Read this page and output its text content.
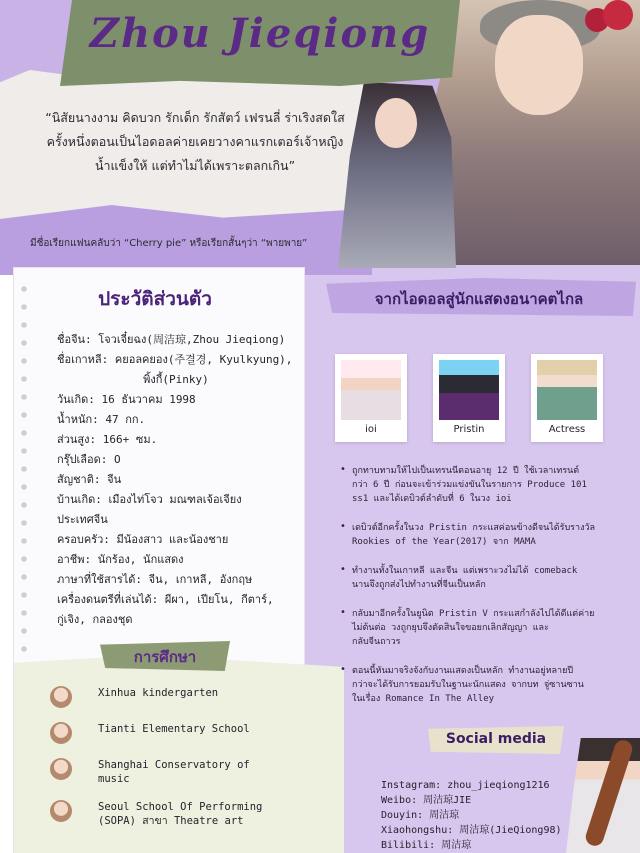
Zhou Jieqiong
“นิสัยนางงาม คิดบวก รักเด็ก รักสัตว์ เฟรนลี่ ร่าเริงสดใส
ครั้งหนึ่งตอนเป็นไอดอลค่ายเคยวางคาแรกเตอร์เจ้าหญิง
น้ำแข็งให้ แต่ทำไม่ได้เพราะตลกเกิน”
มีชื่อเรียกแฟนคลับว่า “Cherry pie” หรือเรียกสั้นๆว่า “พายพาย”
ประวัติส่วนตัว
ชื่อจีน: โจวเจี๋ยฉง(周洁琼,Zhou Jieqiong)
ชื่อเกาหลี: คยอลคยอง(주결경, Kyulkyung),
พิ้งกี้(Pinky)
วันเกิด: 16 ธันวาคม 1998
น้ำหนัก: 47 กก.
ส่วนสูง: 166+ ซม.
กรุ๊ปเลือด: O
สัญชาติ: จีน
บ้านเกิด: เมืองไท่โจว มณฑลเจ้อเจียง
ประเทศจีน
ครอบครัว: มีน้องสาว และน้องชาย
อาชีพ: นักร้อง, นักแสดง
ภาษาที่ใช้สารได้: จีน, เกาหลี, อังกฤษ
เครื่องดนตรีที่เล่นได้: ผีผา, เปียโน, กีตาร์,
กู่เจิง, กลองชุด
การศึกษา
Xinhua kindergarten
Tianti Elementary School
Shanghai Conservatory of
music
Seoul School Of Performing
(SOPA) สาขา Theatre art
จากไอดอลสู่นักแสดงอนาคตไกล
ioi	Pristin	Actress
• ถูกทาบทามให้ไปเป็นเทรนนีตอนอายุ 12 ปี ใช้เวลาเทรนต์
กว่า 6 ปี ก่อนจะเข้าร่วมแข่งขันในรายการ Produce 101
ss1 และได้เดบิวต์ลำดับที่ 6 ในวง ioi
• เดบิวต์อีกครั้งในวง Pristin กระแสค่อนข้างดีจนได้รับรางวัล
Rookies of the Year(2017) จาก MAMA
• ทำงานทั้งในเกาหลี และจีน แต่เพราะวงไม่ได้ comeback
นานจึงถูกส่งไปทำงานที่จีนเป็นหลัก
• กลับมาอีกครั้งในยูนิต Pristin V กระแสกำลังไปได้ดีแต่ค่าย
ไม่ต้นต่อ วงถูกยุบจึงตัดสินใจขอยกเลิกสัญญา และ
กลับจีนถาวร
• ตอนนี้หันมาจริงจังกับงานแสดงเป็นหลัก ทำงานอยู่หลายปี
กว่าจะได้รับการยอมรับในฐานะนักแสดง จากบท จู่ซานซาน
ในเรื่อง Romance In The Alley
Social media
Instagram: zhou_jieqiong1216
Weibo: 周洁琼JIE
Douyin: 周洁琼
Xiaohongshu: 周洁琼(JieQiong98)
Bilibili: 周洁琼
